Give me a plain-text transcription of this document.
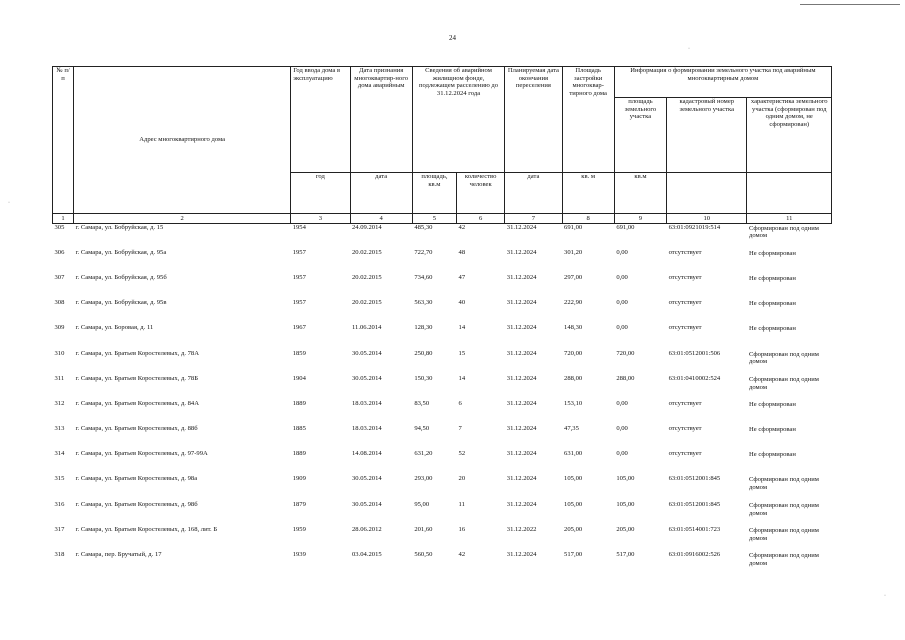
24
·
·
·
№ п/п	Адрес многоквартирного дома	Год ввода дома в эксплуатацию	Дата признания многоквартир-ного дома аварийным	Сведения об аварийном жилищном фонде, подлежащем расселению до 31.12.2024 года		Планируемая дата окончания переселения	Площадь застройки многоквар-тирного дома	Информация о формировании земельного участка под аварийным многоквартирным домом		
								площадь земельного участка	кадастровый номер земельного участка	характеристика земельного участка (сформирован под одним домом, не сформирован)
		год	дата	площадь, кв.м	количество человек	дата	кв. м	кв.м		
1	2	3	4	5	6	7	8	9	10	11
305	г. Самара, ул. Бобруйская, д. 15	1954	24.09.2014	485,30	42	31.12.2024	691,00	691,00	63:01:0921019:514	Сформирован под одним домом
306	г. Самара, ул. Бобруйская, д. 95а	1957	20.02.2015	722,70	48	31.12.2024	301,20	0,00	отсутствует	Не сформирован
307	г. Самара, ул. Бобруйская, д. 95б	1957	20.02.2015	734,60	47	31.12.2024	297,00	0,00	отсутствует	Не сформирован
308	г. Самара, ул. Бобруйская, д. 95в	1957	20.02.2015	563,30	40	31.12.2024	222,90	0,00	отсутствует	Не сформирован
309	г. Самара, ул. Боровая, д. 11	1967	11.06.2014	128,30	14	31.12.2024	148,30	0,00	отсутствует	Не сформирован
310	г. Самара, ул. Братьев Коростелевых, д. 78А	1859	30.05.2014	250,80	15	31.12.2024	720,00	720,00	63:01:0512001:506	Сформирован под одним домом
311	г. Самара, ул. Братьев Коростелевых, д. 78Б	1904	30.05.2014	150,30	14	31.12.2024	288,00	288,00	63:01:0410002:524	Сформирован под одним домом
312	г. Самара, ул. Братьев Коростелевых, д. 84А	1889	18.03.2014	83,50	6	31.12.2024	153,10	0,00	отсутствует	Не сформирован
313	г. Самара, ул. Братьев Коростелевых, д. 88б	1885	18.03.2014	94,50	7	31.12.2024	47,35	0,00	отсутствует	Не сформирован
314	г. Самара, ул. Братьев Коростелевых, д. 97-99А	1889	14.08.2014	631,20	52	31.12.2024	631,00	0,00	отсутствует	Не сформирован
315	г. Самара, ул. Братьев Коростелевых, д. 98а	1909	30.05.2014	293,00	20	31.12.2024	105,00	105,00	63:01:0512001:845	Сформирован под одним домом
316	г. Самара, ул. Братьев Коростелевых, д. 98б	1879	30.05.2014	95,00	11	31.12.2024	105,00	105,00	63:01:0512001:845	Сформирован под одним домом
317	г. Самара, ул. Братьев Коростелевых, д. 168, лит. Б	1959	28.06.2012	201,60	16	31.12.2022	205,00	205,00	63:01:0514001:723	Сформирован под одним домом
318	г. Самара, пер. Бручатый, д. 17	1939	03.04.2015	560,50	42	31.12.2024	517,00	517,00	63:01:0916002:526	Сформирован под одним домом
